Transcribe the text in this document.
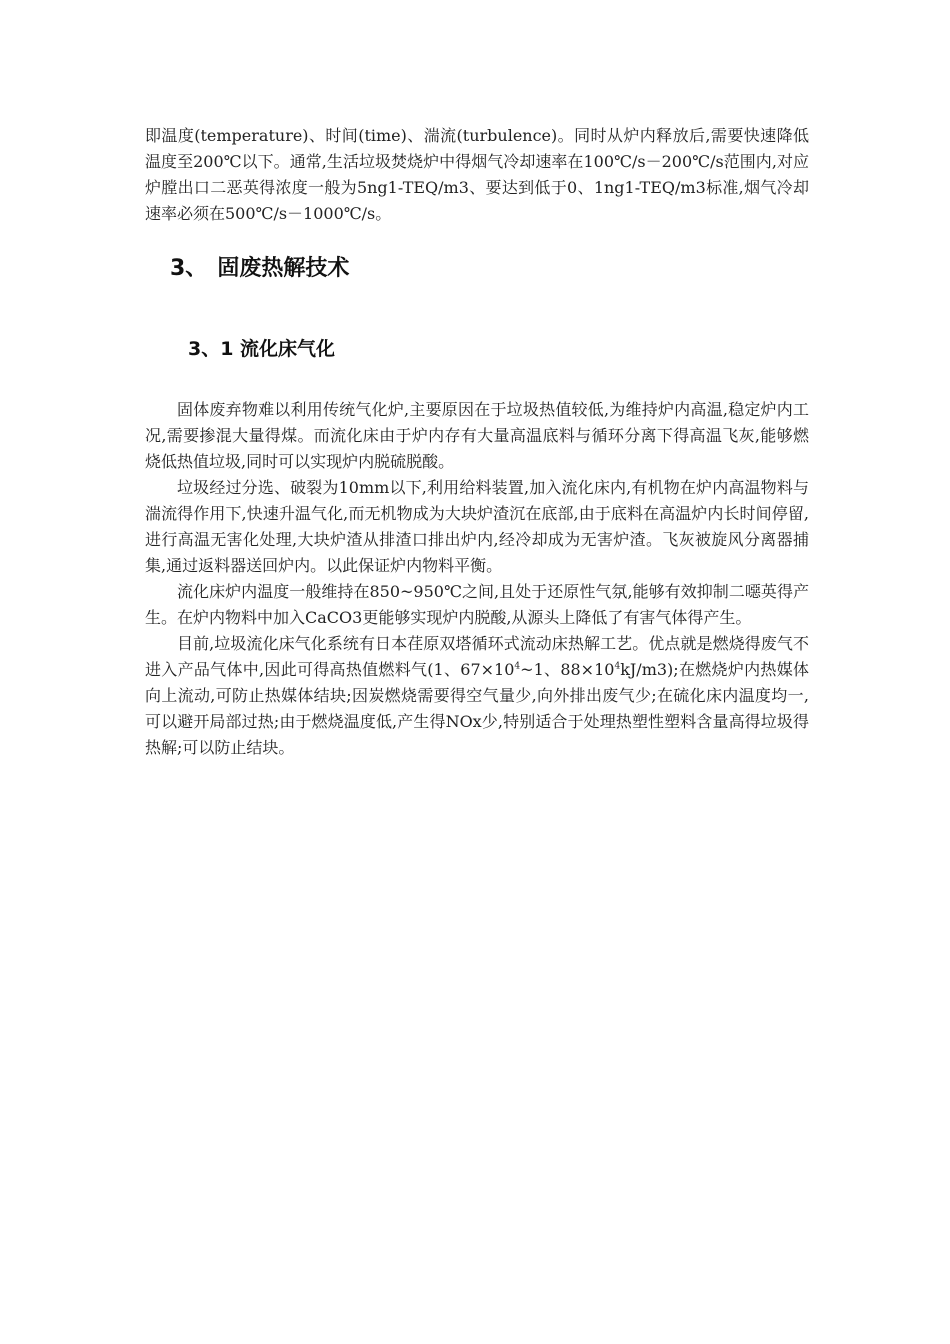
即温度(temperature)、时间(time)、湍流(turbulence)。同时从炉内释放后,需要快速降低温度至200℃以下。通常,生活垃圾焚烧炉中得烟气冷却速率在100℃/s－200℃/s范围内,对应炉膛出口二恶英得浓度一般为5ng1-TEQ/m3、要达到低于0、1ng1-TEQ/m3标准,烟气冷却速率必须在500℃/s－1000℃/s。

3、 固废热解技术
3、1 流化床气化

固体废弃物难以利用传统气化炉,主要原因在于垃圾热值较低,为维持炉内高温,稳定炉内工况,需要掺混大量得煤。而流化床由于炉内存有大量高温底料与循环分离下得高温飞灰,能够燃烧低热值垃圾,同时可以实现炉内脱硫脱酸。

垃圾经过分选、破裂为10mm以下,利用给料装置,加入流化床内,有机物在炉内高温物料与湍流得作用下,快速升温气化,而无机物成为大块炉渣沉在底部,由于底料在高温炉内长时间停留,进行高温无害化处理,大块炉渣从排渣口排出炉内,经冷却成为无害炉渣。飞灰被旋风分离器捕集,通过返料器送回炉内。以此保证炉内物料平衡。

流化床炉内温度一般维持在850~950℃之间,且处于还原性气氛,能够有效抑制二噁英得产生。在炉内物料中加入CaCO3更能够实现炉内脱酸,从源头上降低了有害气体得产生。

目前,垃圾流化床气化系统有日本荏原双塔循环式流动床热解工艺。优点就是燃烧得废气不进入产品气体中,因此可得高热值燃料气(1、$67\times 10^4\sim 1$、$88\times 10^4kJ/m3$);在燃烧炉内热媒体向上流动,可防止热媒体结块;因炭燃烧需要得空气量少,向外排出废气少;在硫化床内温度均一,可以避开局部过热;由于燃烧温度低,产生得NOx少,特别适合于处理热塑性塑料含量高得垃圾得热解;可以防止结块。
